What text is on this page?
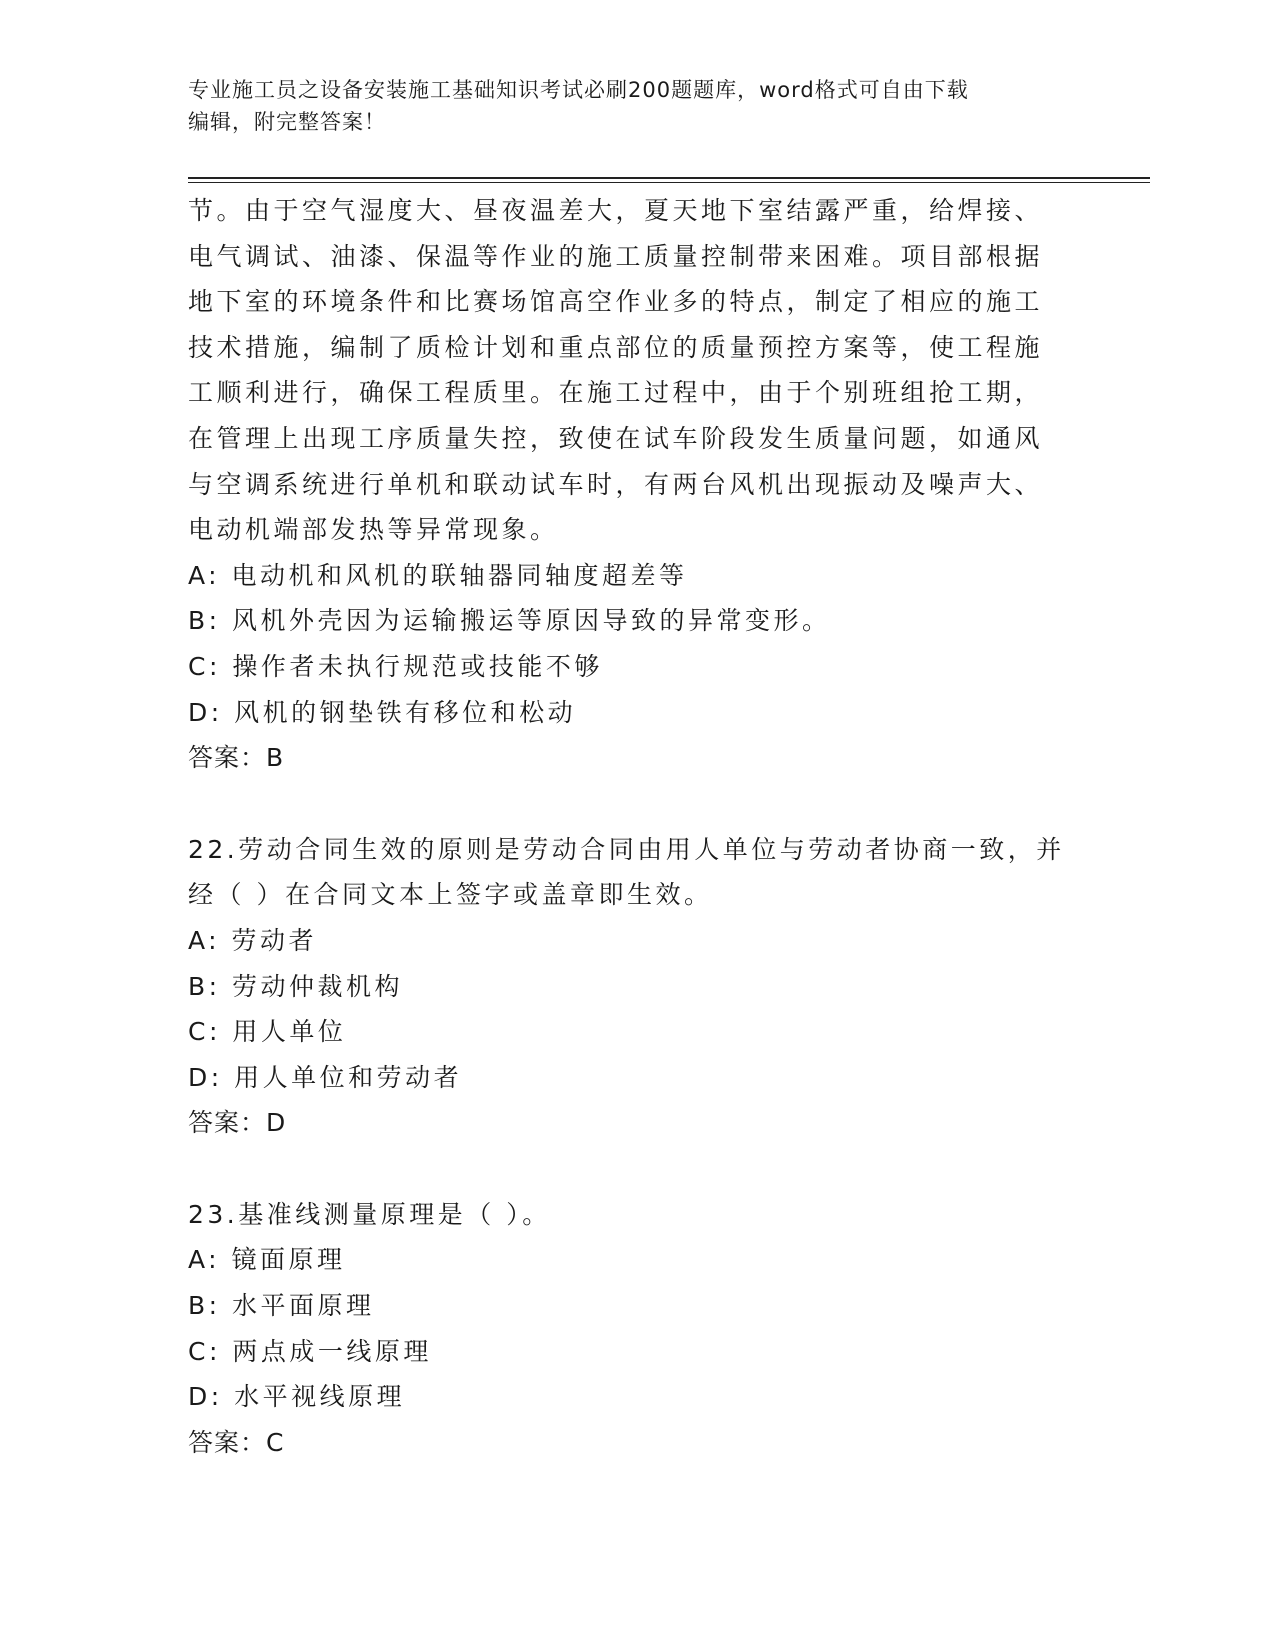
专业施工员之设备安装施工基础知识考试必刷200题题库，word格式可自由下载
编辑，附完整答案！
节。由于空气湿度大、昼夜温差大，夏天地下室结露严重，给焊接、
电气调试、油漆、保温等作业的施工质量控制带来困难。项目部根据
地下室的环境条件和比赛场馆高空作业多的特点，制定了相应的施工
技术措施，编制了质检计划和重点部位的质量预控方案等，使工程施
工顺利进行，确保工程质里。在施工过程中，由于个别班组抢工期，
在管理上出现工序质量失控，致使在试车阶段发生质量问题，如通风
与空调系统进行单机和联动试车时，有两台风机出现振动及噪声大、
电动机端部发热等异常现象。
A: 电动机和风机的联轴器同轴度超差等
B: 风机外壳因为运输搬运等原因导致的异常变形。
C: 操作者未执行规范或技能不够
D: 风机的钢垫铁有移位和松动
答案：B
22.劳动合同生效的原则是劳动合同由用人单位与劳动者协商一致，并
经（ ）在合同文本上签字或盖章即生效。
A: 劳动者
B: 劳动仲裁机构
C: 用人单位
D: 用人单位和劳动者
答案：D
23.基准线测量原理是（ ）。
A: 镜面原理
B: 水平面原理
C: 两点成一线原理
D: 水平视线原理
答案：C
